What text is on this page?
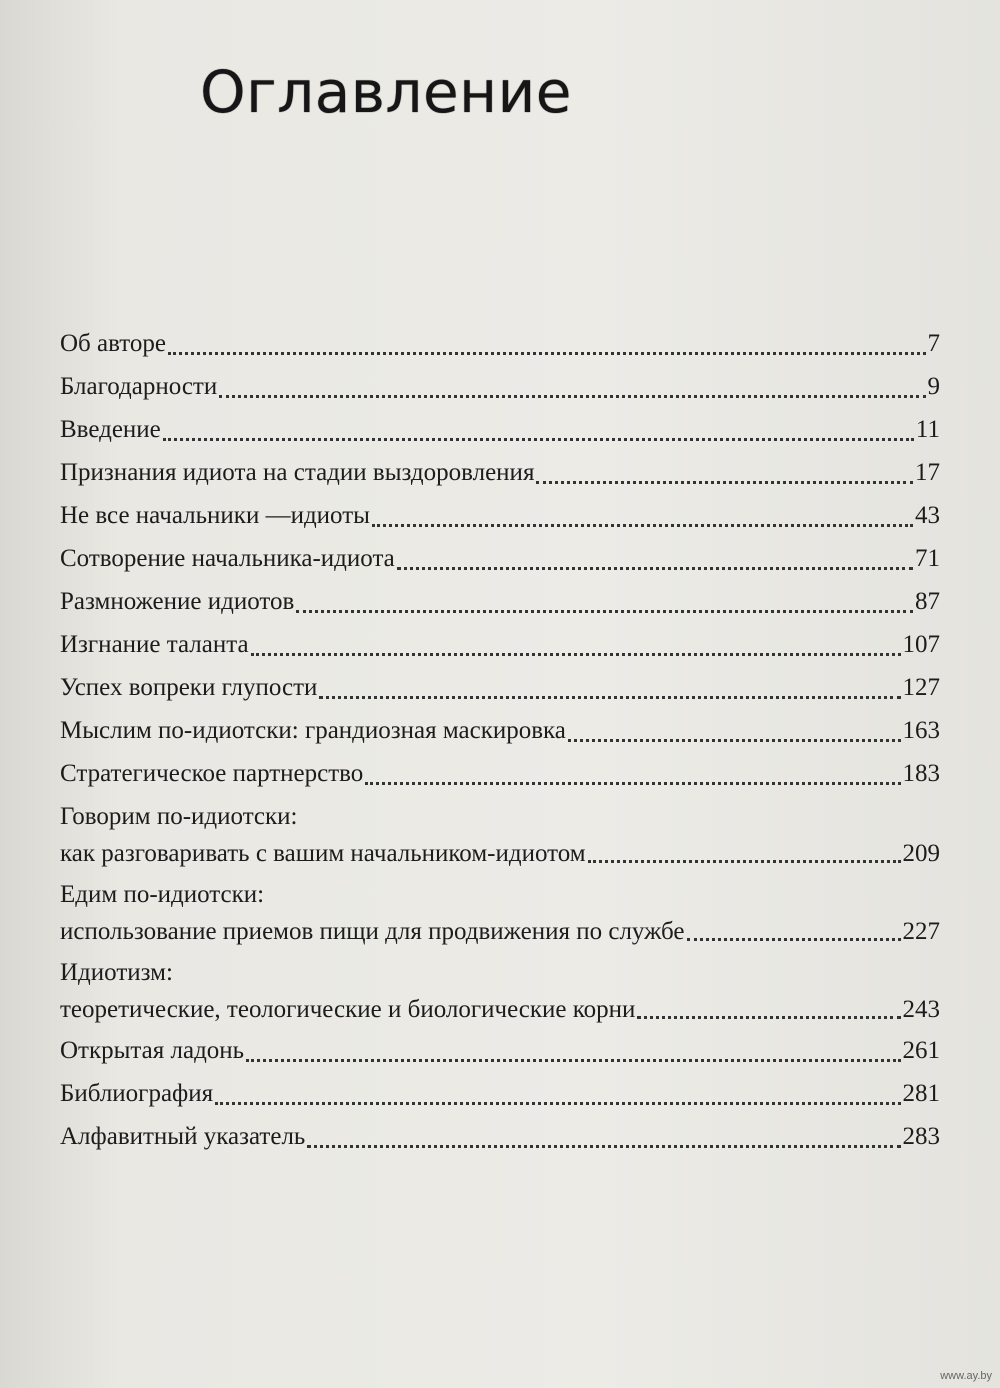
Оглавление
Об авторе	7
Благодарности	9
Введение	11
Признания идиота на стадии выздоровления	17
Не все начальники —идиоты	43
Сотворение начальника-идиота	71
Размножение идиотов	87
Изгнание таланта	107
Успех вопреки глупости	127
Мыслим по-идиотски: грандиозная маскировка	163
Стратегическое партнерство	183
Говорим по-идиотски:
как разговаривать с вашим начальником-идиотом	209
Едим по-идиотски:
использование приемов пищи для продвижения по службе	227
Идиотизм:
теоретические, теологические и биологические корни	243
Открытая ладонь	261
Библиография	281
Алфавитный указатель	283
www.ay.by
